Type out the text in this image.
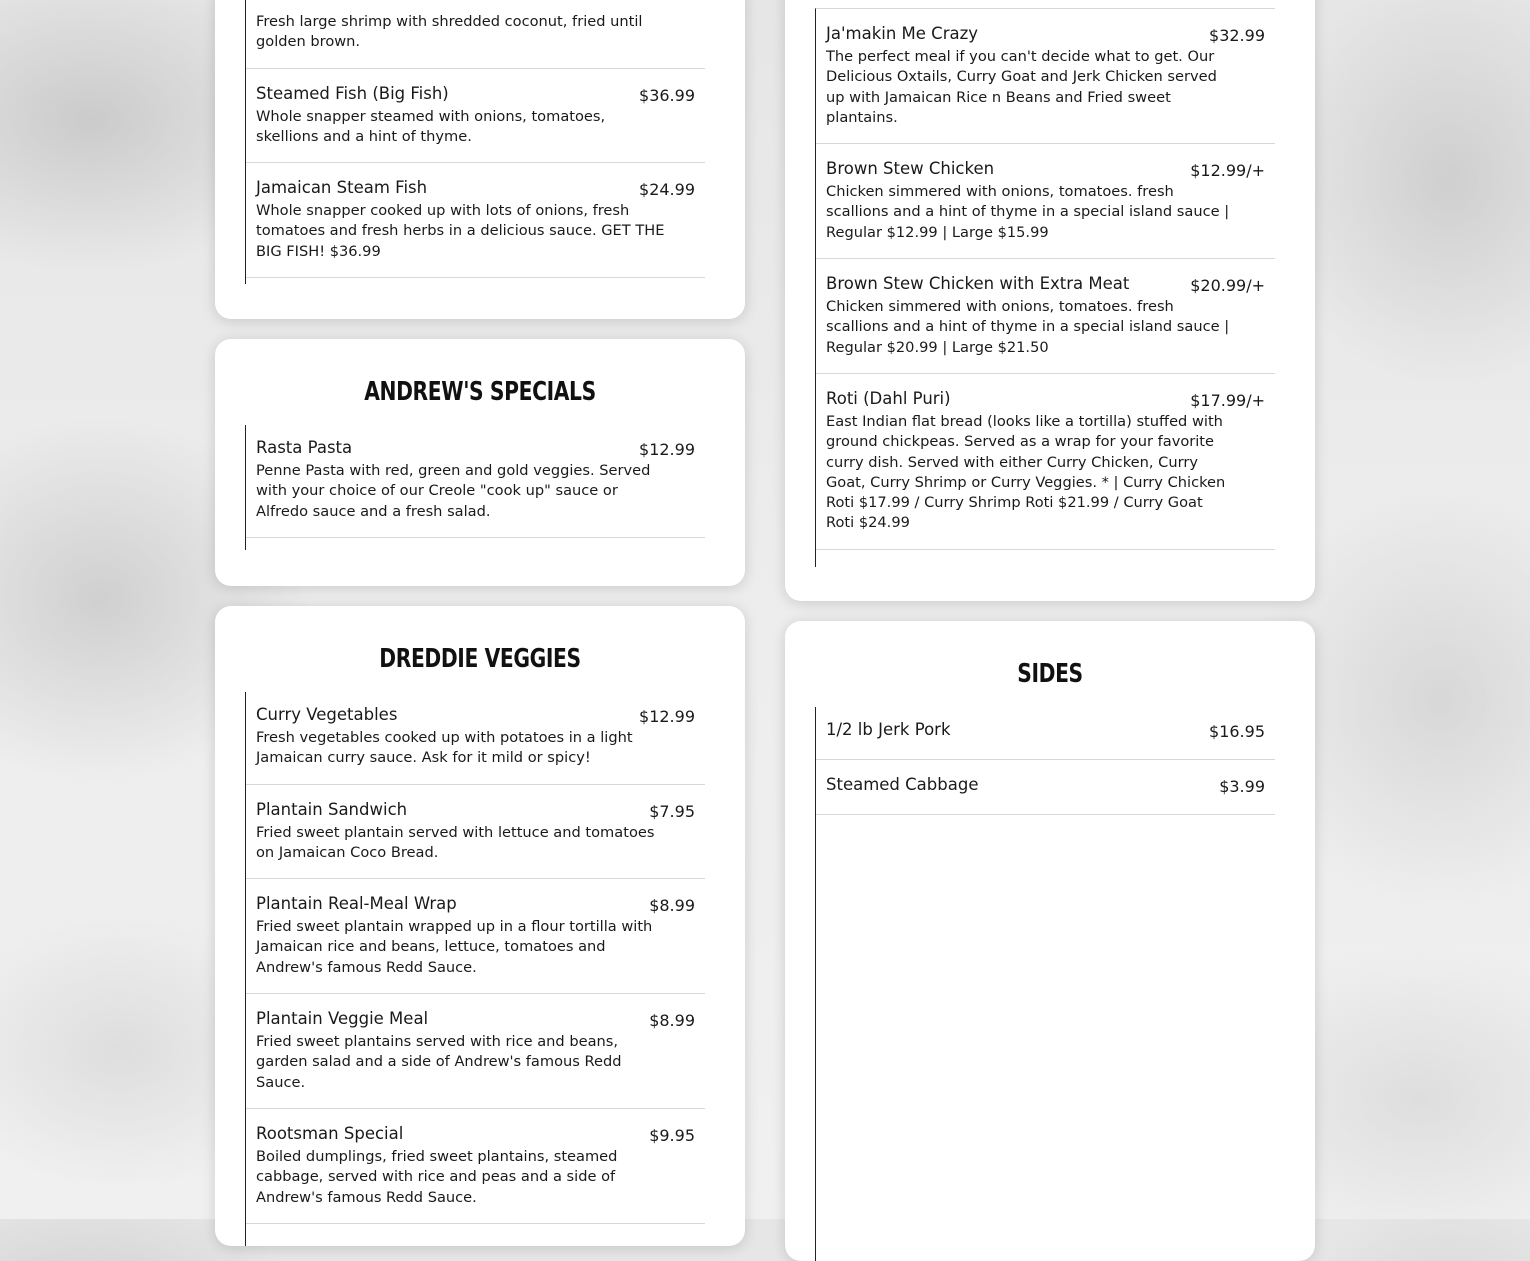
Fresh large shrimp with shredded coconut, fried until golden brown.
Steamed Fish (Big Fish)	$36.99
Whole snapper steamed with onions, tomatoes, skellions and a hint of thyme.
Jamaican Steam Fish	$24.99
Whole snapper cooked up with lots of onions, fresh tomatoes and fresh herbs in a delicious sauce. GET THE BIG FISH! $36.99
ANDREW'S SPECIALS
Rasta Pasta	$12.99
Penne Pasta with red, green and gold veggies. Served with your choice of our Creole "cook up" sauce or Alfredo sauce and a fresh salad.
DREDDIE VEGGIES
Curry Vegetables	$12.99
Fresh vegetables cooked up with potatoes in a light Jamaican curry sauce. Ask for it mild or spicy!
Plantain Sandwich	$7.95
Fried sweet plantain served with lettuce and tomatoes on Jamaican Coco Bread.
Plantain Real-Meal Wrap	$8.99
Fried sweet plantain wrapped up in a flour tortilla with Jamaican rice and beans, lettuce, tomatoes and Andrew's famous Redd Sauce.
Plantain Veggie Meal	$8.99
Fried sweet plantains served with rice and beans, garden salad and a side of Andrew's famous Redd Sauce.
Rootsman Special	$9.95
Boiled dumplings, fried sweet plantains, steamed cabbage, served with rice and peas and a side of Andrew's famous Redd Sauce.
Ja'makin Me Crazy	$32.99
The perfect meal if you can't decide what to get. Our Delicious Oxtails, Curry Goat and Jerk Chicken served up with Jamaican Rice n Beans and Fried sweet plantains.
Brown Stew Chicken	$12.99/+
Chicken simmered with onions, tomatoes. fresh scallions and a hint of thyme in a special island sauce | Regular $12.99 | Large $15.99
Brown Stew Chicken with Extra Meat	$20.99/+
Chicken simmered with onions, tomatoes. fresh scallions and a hint of thyme in a special island sauce | Regular $20.99 | Large $21.50
Roti (Dahl Puri)	$17.99/+
East Indian flat bread (looks like a tortilla) stuffed with ground chickpeas. Served as a wrap for your favorite curry dish. Served with either Curry Chicken, Curry Goat, Curry Shrimp or Curry Veggies. * | Curry Chicken Roti $17.99 / Curry Shrimp Roti $21.99 / Curry Goat Roti $24.99
SIDES
1/2 lb Jerk Pork	$16.95
Steamed Cabbage	$3.99
